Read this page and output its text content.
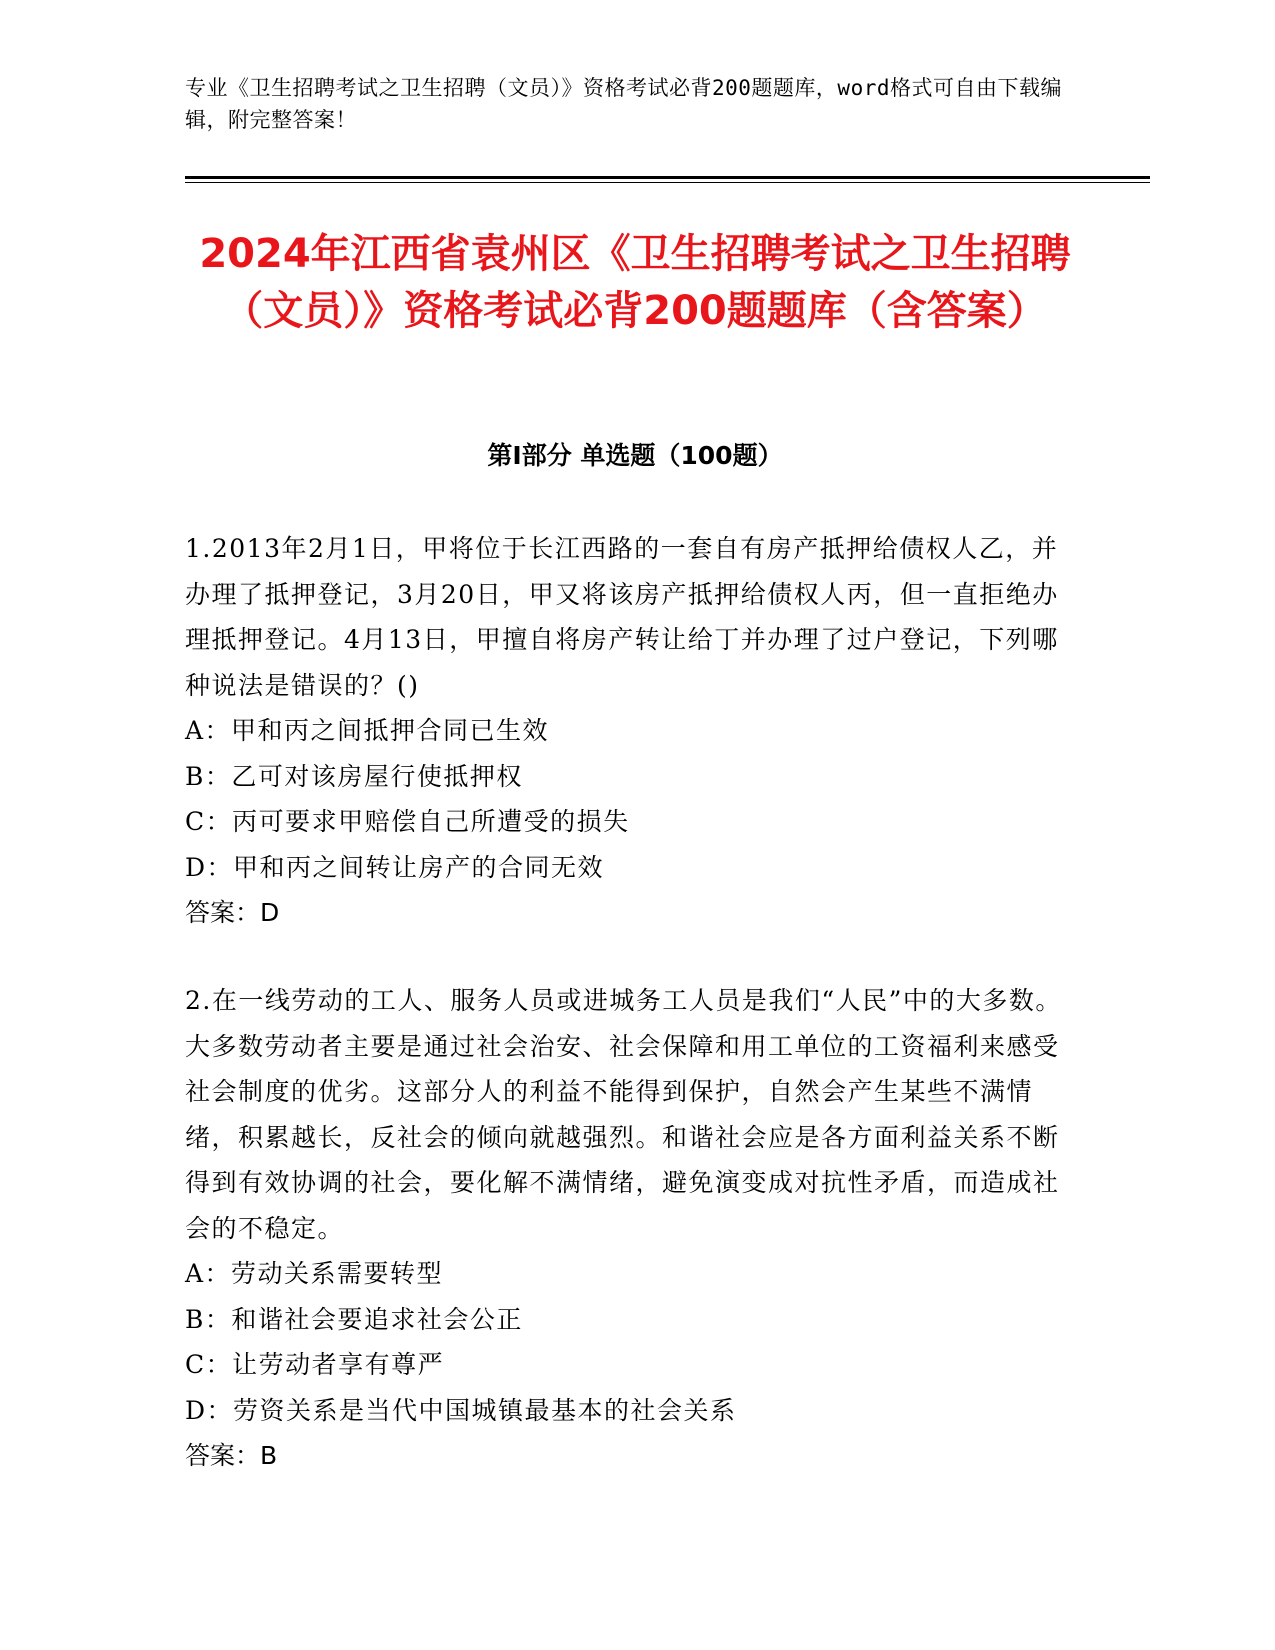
专业《卫生招聘考试之卫生招聘（文员）》资格考试必背200题题库，word格式可自由下载编辑，附完整答案！
2024年江西省袁州区《卫生招聘考试之卫生招聘（文员）》资格考试必背200题题库（含答案）
第Ⅰ部分 单选题（100题）

1.2013年2月1日，甲将位于长江西路的一套自有房产抵押给债权人乙，并办理了抵押登记，3月20日，甲又将该房产抵押给债权人丙，但一直拒绝办理抵押登记。4月13日，甲擅自将房产转让给丁并办理了过户登记，下列哪种说法是错误的？()

A：甲和丙之间抵押合同已生效

B：乙可对该房屋行使抵押权

C：丙可要求甲赔偿自己所遭受的损失

D：甲和丙之间转让房产的合同无效

答案：D

2.在一线劳动的工人、服务人员或进城务工人员是我们“人民”中的大多数。大多数劳动者主要是通过社会治安、社会保障和用工单位的工资福利来感受社会制度的优劣。这部分人的利益不能得到保护，自然会产生某些不满情绪，积累越长，反社会的倾向就越强烈。和谐社会应是各方面利益关系不断得到有效协调的社会，要化解不满情绪，避免演变成对抗性矛盾，而造成社会的不稳定。

A：劳动关系需要转型

B：和谐社会要追求社会公正

C：让劳动者享有尊严

D：劳资关系是当代中国城镇最基本的社会关系

答案：B
